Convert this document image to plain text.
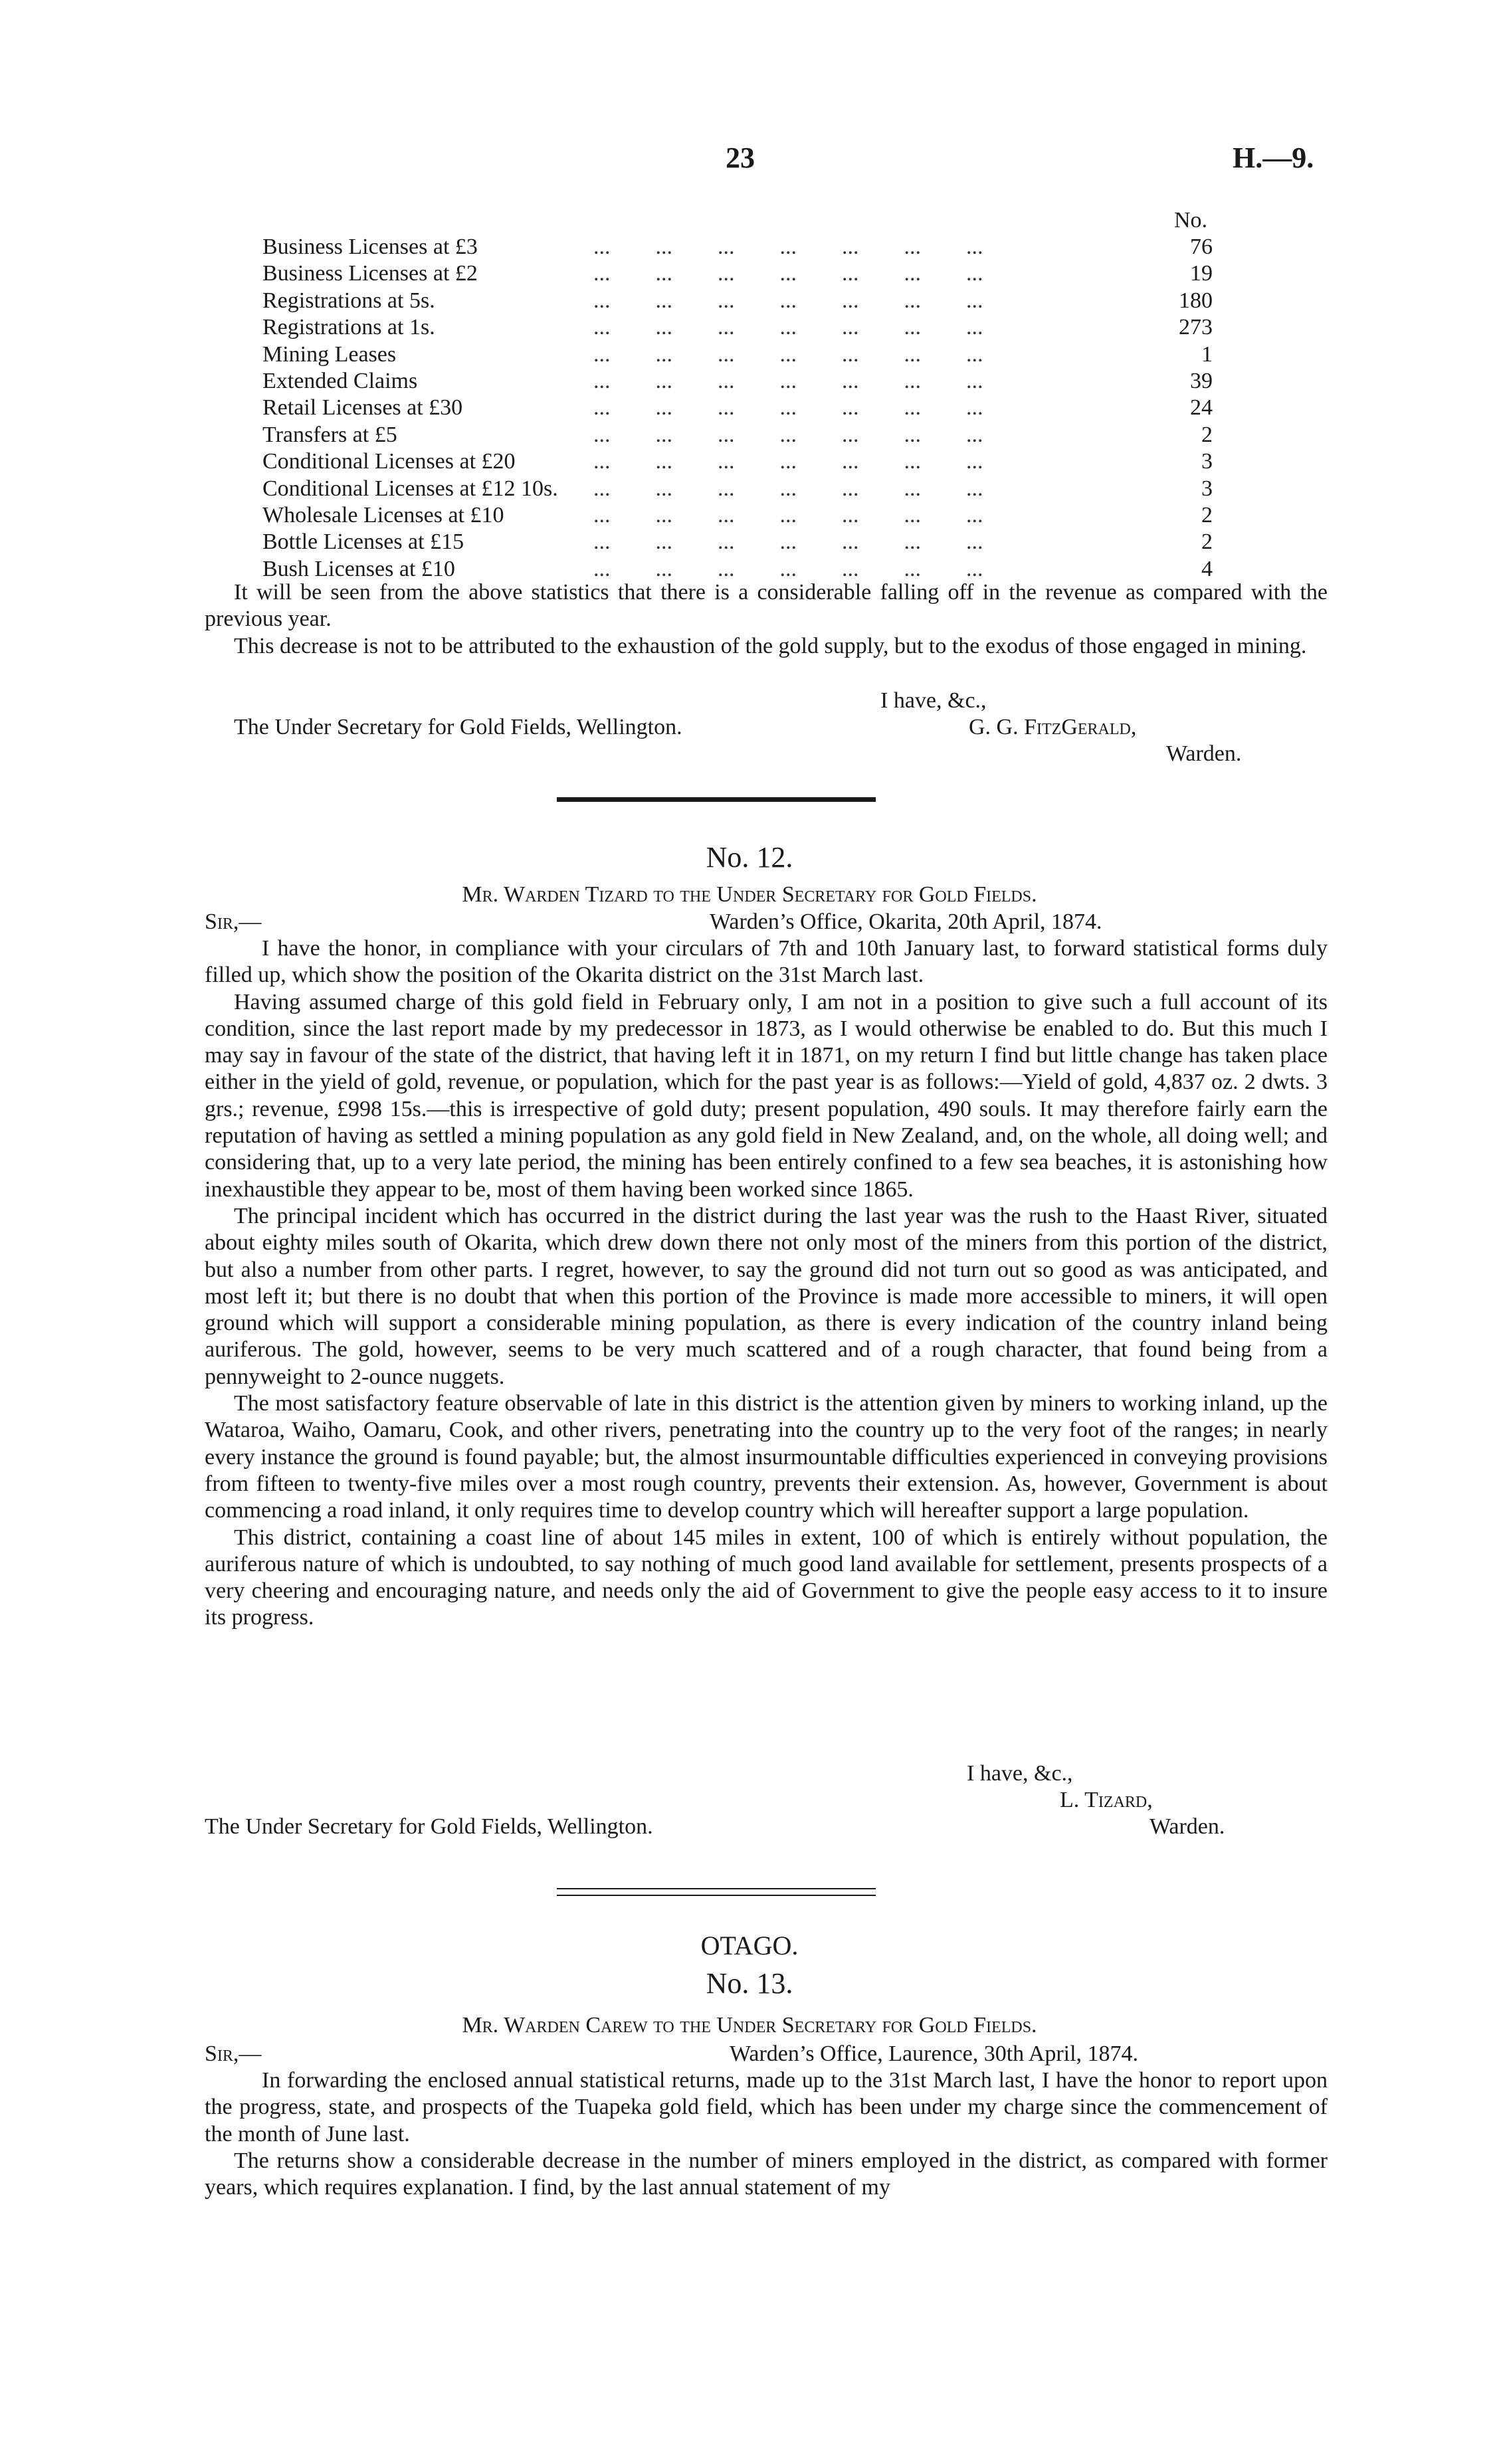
23	H.—9.
No.
Business Licenses at £3	...  ...  ...  ...  ...  ...  ...	76
Business Licenses at £2	...  ...  ...  ...  ...  ...  ...	19
Registrations at 5s.	...  ...  ...  ...  ...  ...  ...	180
Registrations at 1s.	...  ...  ...  ...  ...  ...  ...	273
Mining Leases	...  ...  ...  ...  ...  ...  ...	1
Extended Claims	...  ...  ...  ...  ...  ...  ...	39
Retail Licenses at £30	...  ...  ...  ...  ...  ...  ...	24
Transfers at £5	...  ...  ...  ...  ...  ...  ...	2
Conditional Licenses at £20	...  ...  ...  ...  ...  ...  ...	3
Conditional Licenses at £12 10s. ...  ...  ...  ...  ...  ...  ...	3
Wholesale Licenses at £10	...  ...  ...  ...  ...  ...  ...	2
Bottle Licenses at £15	...  ...  ...  ...  ...  ...  ...	2
Bush Licenses at £10	...  ...  ...  ...  ...  ...  ...	4

It will be seen from the above statistics that there is a considerable falling off in the revenue as compared with the previous year.

This decrease is not to be attributed to the exhaustion of the gold supply, but to the exodus of those engaged in mining.

I have, &c.,
The Under Secretary for Gold Fields, Wellington.	G. G. FitzGerald,
Warden.
No. 12.
Mr. Warden Tizard to the Under Secretary for Gold Fields.
Sir,—	Warden’s Office, Okarita, 20th April, 1874.

I have the honor, in compliance with your circulars of 7th and 10th January last, to forward statistical forms duly filled up, which show the position of the Okarita district on the 31st March last.

Having assumed charge of this gold field in February only, I am not in a position to give such a full account of its condition, since the last report made by my predecessor in 1873, as I would otherwise be enabled to do. But this much I may say in favour of the state of the district, that having left it in 1871, on my return I find but little change has taken place either in the yield of gold, revenue, or population, which for the past year is as follows:—Yield of gold, 4,837 oz. 2 dwts. 3 grs.; revenue, £998 15s.—this is irrespective of gold duty; present population, 490 souls. It may therefore fairly earn the reputation of having as settled a mining population as any gold field in New Zealand, and, on the whole, all doing well; and considering that, up to a very late period, the mining has been entirely confined to a few sea beaches, it is astonishing how inexhaustible they appear to be, most of them having been worked since 1865.

The principal incident which has occurred in the district during the last year was the rush to the Haast River, situated about eighty miles south of Okarita, which drew down there not only most of the miners from this portion of the district, but also a number from other parts. I regret, however, to say the ground did not turn out so good as was anticipated, and most left it; but there is no doubt that when this portion of the Province is made more accessible to miners, it will open ground which will support a considerable mining population, as there is every indication of the country inland being auriferous. The gold, however, seems to be very much scattered and of a rough character, that found being from a pennyweight to 2-ounce nuggets.

The most satisfactory feature observable of late in this district is the attention given by miners to working inland, up the Wataroa, Waiho, Oamaru, Cook, and other rivers, penetrating into the country up to the very foot of the ranges; in nearly every instance the ground is found payable; but, the almost insurmountable difficulties experienced in conveying provisions from fifteen to twenty-five miles over a most rough country, prevents their extension. As, however, Government is about commencing a road inland, it only requires time to develop country which will hereafter support a large population.

This district, containing a coast line of about 145 miles in extent, 100 of which is entirely without population, the auriferous nature of which is undoubted, to say nothing of much good land available for settlement, presents prospects of a very cheering and encouraging nature, and needs only the aid of Government to give the people easy access to it to insure its progress.

I have, &c.,
L. Tizard,
The Under Secretary for Gold Fields, Wellington.	Warden.
OTAGO.
No. 13.
Mr. Warden Carew to the Under Secretary for Gold Fields.
Sir,—	Warden’s Office, Laurence, 30th April, 1874.

In forwarding the enclosed annual statistical returns, made up to the 31st March last, I have the honor to report upon the progress, state, and prospects of the Tuapeka gold field, which has been under my charge since the commencement of the month of June last.

The returns show a considerable decrease in the number of miners employed in the district, as compared with former years, which requires explanation. I find, by the last annual statement of my
